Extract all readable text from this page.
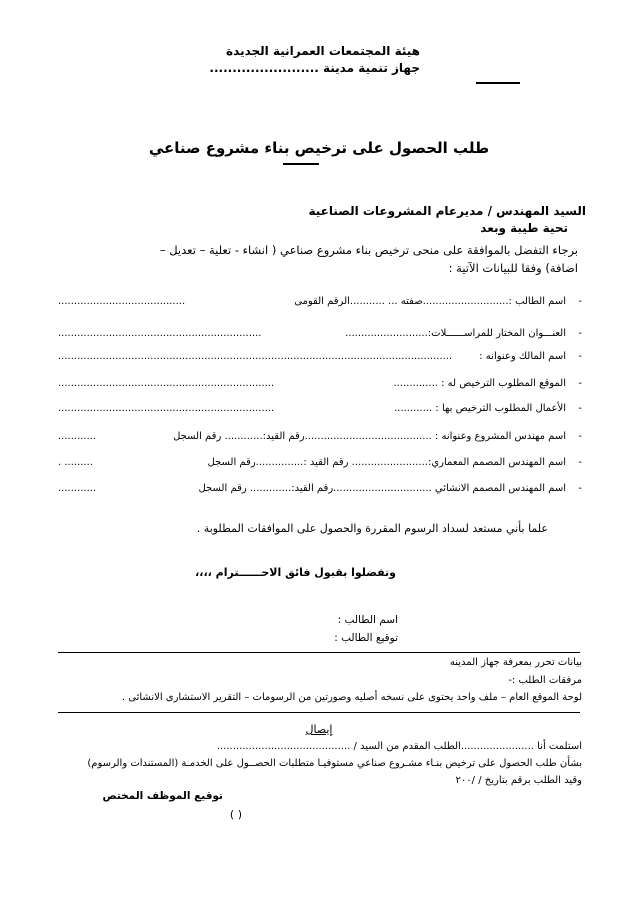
هيئة المجتمعات العمرانية الجديدة
جهاز تنمية مدينة ........................
طلب الحصول على ترخيص بناء مشروع صناعي
السيد المهندس / مديرعام المشروعات الصناعية
تحية طيبة وبعد
برجاء التفضل بالموافقة على منحى ترخيص بناء مشروع صناعي ( انشاء - تعلية – تعديل –
اضافة) وفقا للبيانات الآتية :
-
اسم الطالب :...........................صفته ... ...........الرقم القومى
........................................
-
العنـــوان المختار للمراســــــلات:..........................
................................................................
-
اسم المالك وعنوانه :
............................................................................................................................
-
الموقع المطلوب الترخيص له : ..............
....................................................................
-
الأعمال المطلوب الترخيص بها : ............
....................................................................
-
اسم مهندس المشروع وعنوانه : ........................................رقم القيد:............ رقم السجل
............
-
اسم المهندس المصمم المعماري:........................ رقم القيد :...............رقم السجل
......... .
-
اسم المهندس المصمم الانشائي ...............................رقم القيد:............. رقم السجل
............
علما بأني مستعد لسداد الرسوم المقررة والحصول على الموافقات المطلوبة .
وتفضلوا بقبول فائق الاحــــــترام ،،،،
اسم الطالب :
توقيع الطالب :
بيانات تحرر بمعرفة جهاز المدينه
مرفقات الطلب :-
لوحة الموقع العام – ملف واحد يحتوى على نسخه أصليه وصورتين من الرسومات – التقرير الاستشارى الانشائى .
إيصال
استلمت أنا .......................الطلب المقدم من السيد / ..........................................
بشأن طلب الحصول على ترخيص بنـاء مشـروع صناعي مستوفيـا متطلبات الحصــول على الخدمـة (المستندات والرسوم)
وقيد الطلب برقم بتاريخ / /٢٠٠
توقيع الموظف المختص
( )
